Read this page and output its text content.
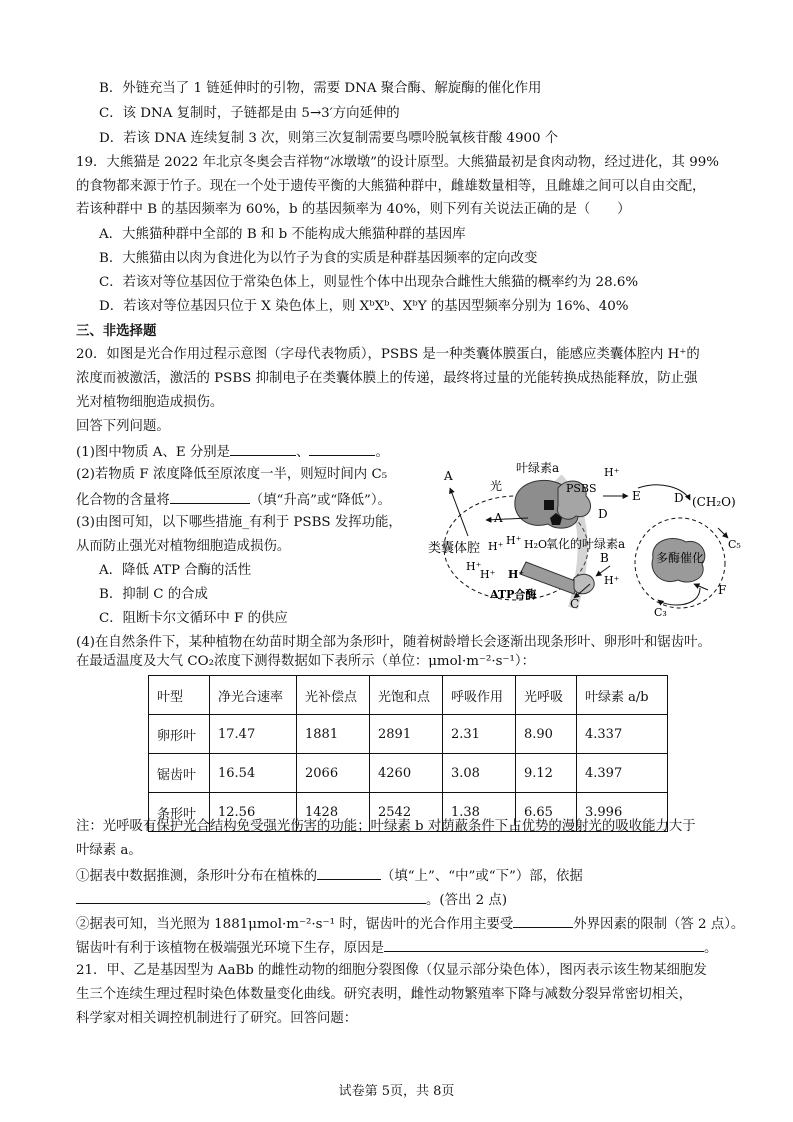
B．外链充当了 1 链延伸时的引物，需要 DNA 聚合酶、解旋酶的催化作用
C．该 DNA 复制时，子链都是由 5→3′方向延伸的
D．若该 DNA 连续复制 3 次，则第三次复制需要鸟嘌呤脱氧核苷酸 4900 个
19．大熊猫是 2022 年北京冬奥会吉祥物“冰墩墩”的设计原型。大熊猫最初是食肉动物，经过进化，其 99%
的食物都来源于竹子。现在一个处于遗传平衡的大熊猫种群中，雌雄数量相等，且雌雄之间可以自由交配，
若该种群中 B 的基因频率为 60%，b 的基因频率为 40%，则下列有关说法正确的是（　　）
A．大熊猫种群中全部的 B 和 b 不能构成大熊猫种群的基因库
B．大熊猫由以肉为食进化为以竹子为食的实质是种群基因频率的定向改变
C．若该对等位基因位于常染色体上，则显性个体中出现杂合雌性大熊猫的概率约为 28.6%
D．若该对等位基因只位于 X 染色体上，则 XᵇXᵇ、XᵇY 的基因型频率分别为 16%、40%
三、非选择题
20．如图是光合作用过程示意图（字母代表物质），PSBS 是一种类囊体膜蛋白，能感应类囊体腔内 H⁺的
浓度而被激活，激活的 PSBS 抑制电子在类囊体膜上的传递，最终将过量的光能转换成热能释放，防止强
光对植物细胞造成损伤。
回答下列问题。
(1)图中物质 A、E 分别是	、	。
(2)若物质 F 浓度降低至原浓度一半，则短时间内 C₅
化合物的含量将	（填“升高”或“降低”）。
(3)由图可知，以下哪些措施_有利于 PSBS 发挥功能，
从而防止强光对植物细胞造成损伤。
A．降低 ATP 合酶的活性
B．抑制 C 的合成
C．阻断卡尔文循环中 F 的供应
叶绿素a
光	PSBS
H⁺
A
A
E
D
D (CH₂O)
C₅
C₃
F
类囊体腔 H⁺ H⁺
H⁺
H⁺ H⁺
H₂O
氧化的叶绿素a
B
H⁺
ATP合酶
C
多酶催化
(4)在自然条件下，某种植物在幼苗时期全部为条形叶，随着树龄增长会逐渐出现条形叶、卵形叶和锯齿叶。
在最适温度及大气 CO₂浓度下测得数据如下表所示（单位：μmol·m⁻²·s⁻¹）：
叶型	净光合速率	光补偿点	光饱和点	呼吸作用	光呼吸	叶绿素 a/b
卵形叶	17.47	1881	2891	2.31	8.90	4.337
锯齿叶	16.54	2066	4260	3.08	9.12	4.397
条形叶	12.56	1428	2542	1.38	6.65	3.996
注：光呼吸有保护光合结构免受强光伤害的功能；叶绿素 b 对荫蔽条件下占优势的漫射光的吸收能力大于
叶绿素 a。
①据表中数据推测，条形叶分布在植株的	（填“上”、“中”或“下”）部，依据
。(答出 2 点)
②据表可知，当光照为 1881μmol·m⁻²·s⁻¹ 时，锯齿叶的光合作用主要受	外界因素的限制（答 2 点）。
锯齿叶有利于该植物在极端强光环境下生存，原因是	。
21．甲、乙是基因型为 AaBb 的雌性动物的细胞分裂图像（仅显示部分染色体），图丙表示该生物某细胞发
生三个连续生理过程时染色体数量变化曲线。研究表明，雌性动物繁殖率下降与减数分裂异常密切相关，
科学家对相关调控机制进行了研究。回答问题：
试卷第 5页，共 8页
